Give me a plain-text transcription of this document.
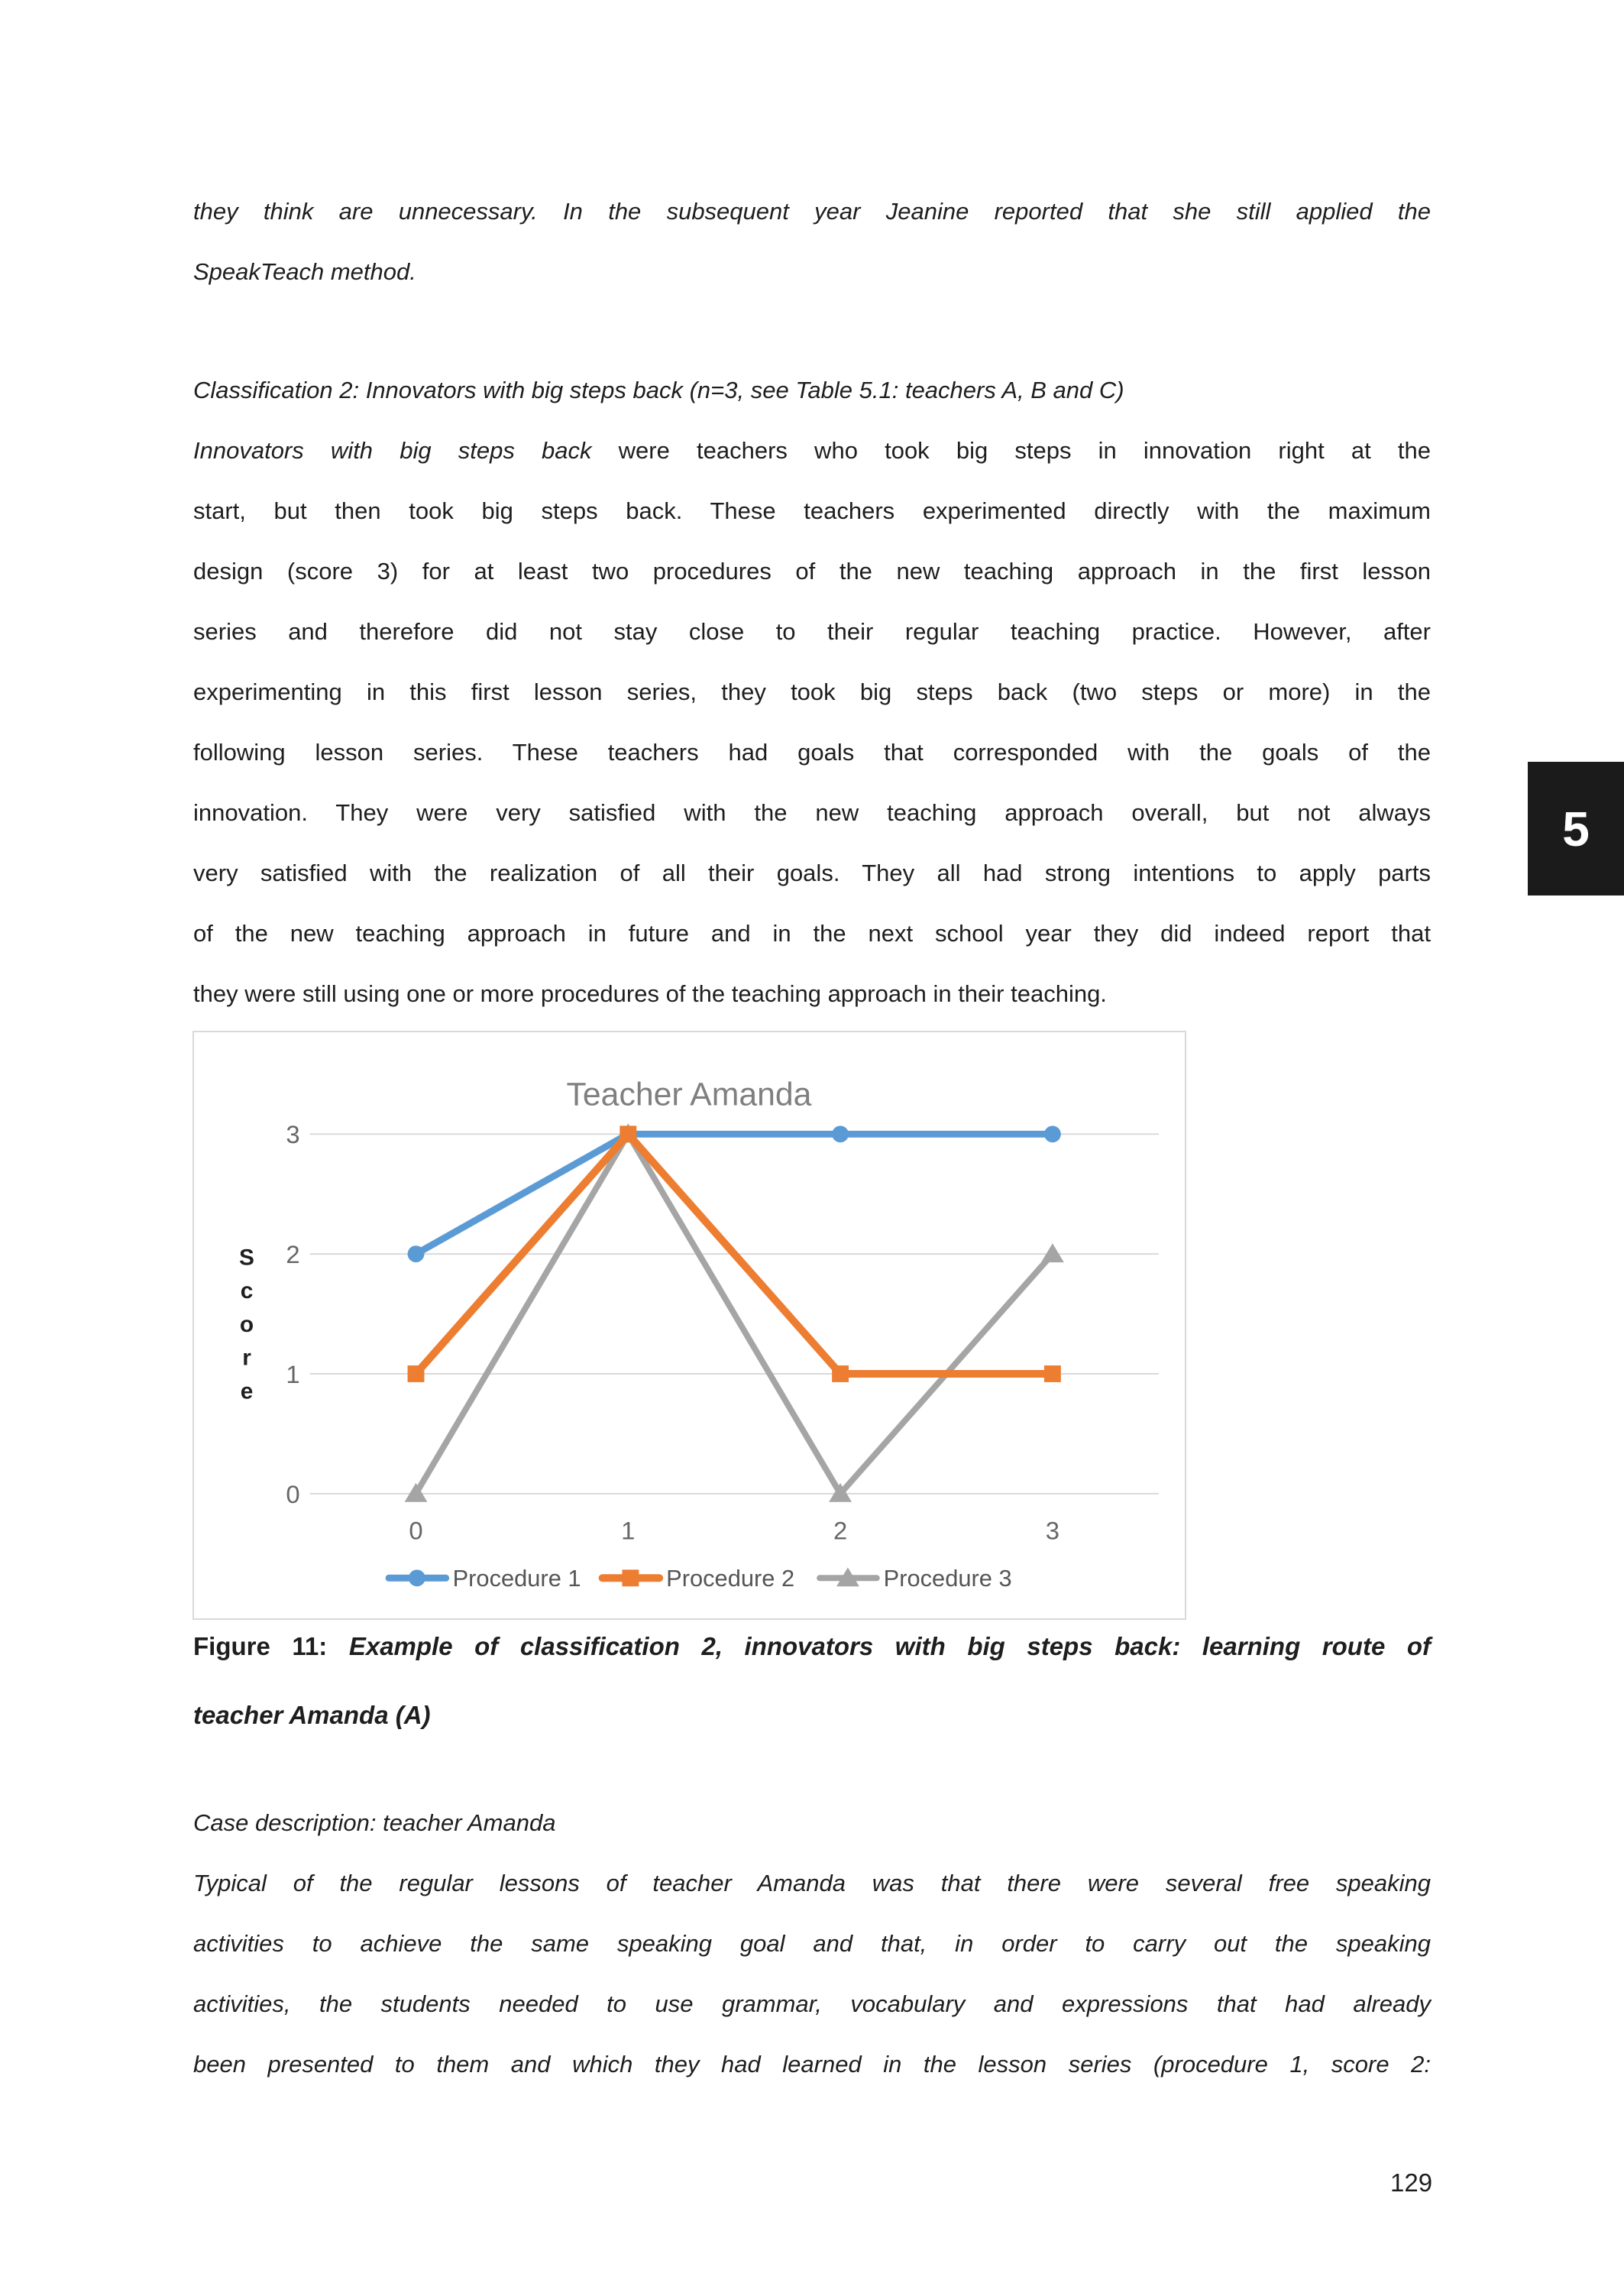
they think are unnecessary. In the subsequent year Jeanine reported that she still applied the
SpeakTeach method.
Classification 2: Innovators with big steps back (n=3, see Table 5.1: teachers A, B and C)
Innovators with big steps back were teachers who took big steps in innovation right at the
start, but then took big steps back. These teachers experimented directly with the maximum
design (score 3) for at least two procedures of the new teaching approach in the first lesson
series and therefore did not stay close to their regular teaching practice. However, after
experimenting in this first lesson series, they took big steps back (two steps or more) in the
following lesson series. These teachers had goals that corresponded with the goals of the
innovation. They were very satisfied with the new teaching approach overall, but not always
very satisfied with the realization of all their goals. They all had strong intentions to apply parts
of the new teaching approach in future and in the next school year they did indeed report that
they were still using one or more procedures of the teaching approach in their teaching.
0
1
2
3
0	1	2	3
S
c
o
r
e
Teacher Amanda
Procedure 1	Procedure 2	Procedure 3
Figure 11: Example of classification 2, innovators with big steps back: learning route of
teacher Amanda (A)
Case description: teacher Amanda
Typical of the regular lessons of teacher Amanda was that there were several free speaking
activities to achieve the same speaking goal and that, in order to carry out the speaking
activities, the students needed to use grammar, vocabulary and expressions that had already
been presented to them and which they had learned in the lesson series (procedure 1, score 2:
5
129
